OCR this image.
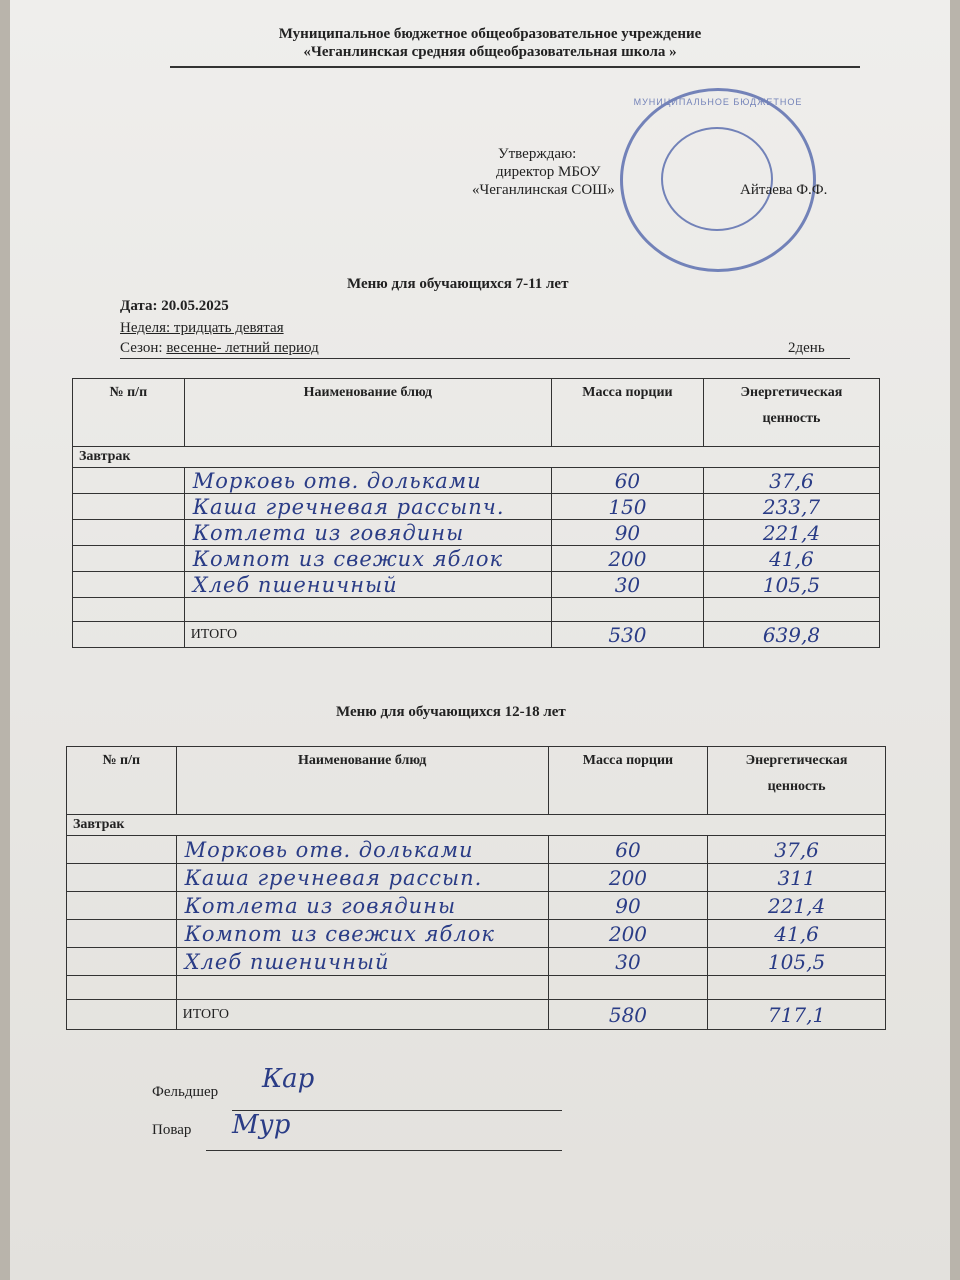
Муниципальное бюджетное общеобразовательное учреждение
«Чеганлинская средняя общеобразовательная школа »
МУНИЦИПАЛЬНОЕ БЮДЖЕТНОЕ
Утверждаю:
директор МБОУ
«Чеганлинская СОШ»	Айтаева Ф.Ф.
Меню для обучающихся 7-11 лет
Дата: 20.05.2025
Неделя: тридцать девятая
Сезон: весенне- летний период	2день
№ п/п	Наименование блюд	Масса порции	Энергетическая
ценность

Завтрак			
	Морковь отв. дольками	60	37,6
	Каша гречневая рассыпч.	150	233,7
	Котлета из говядины	90	221,4
	Компот из свежих яблок	200	41,6
	Хлеб пшеничный	30	105,5

	ИТОГО	530	639,8
Меню для обучающихся 12-18 лет
№ п/п	Наименование блюд	Масса порции	Энергетическая
ценность

Завтрак			
	Морковь отв. дольками	60	37,6
	Каша гречневая рассып.	200	311
	Котлета из говядины	90	221,4
	Компот из свежих яблок	200	41,6
	Хлеб пшеничный	30	105,5

	ИТОГО	580	717,1
Фельдшер Кар
Повар Мур
